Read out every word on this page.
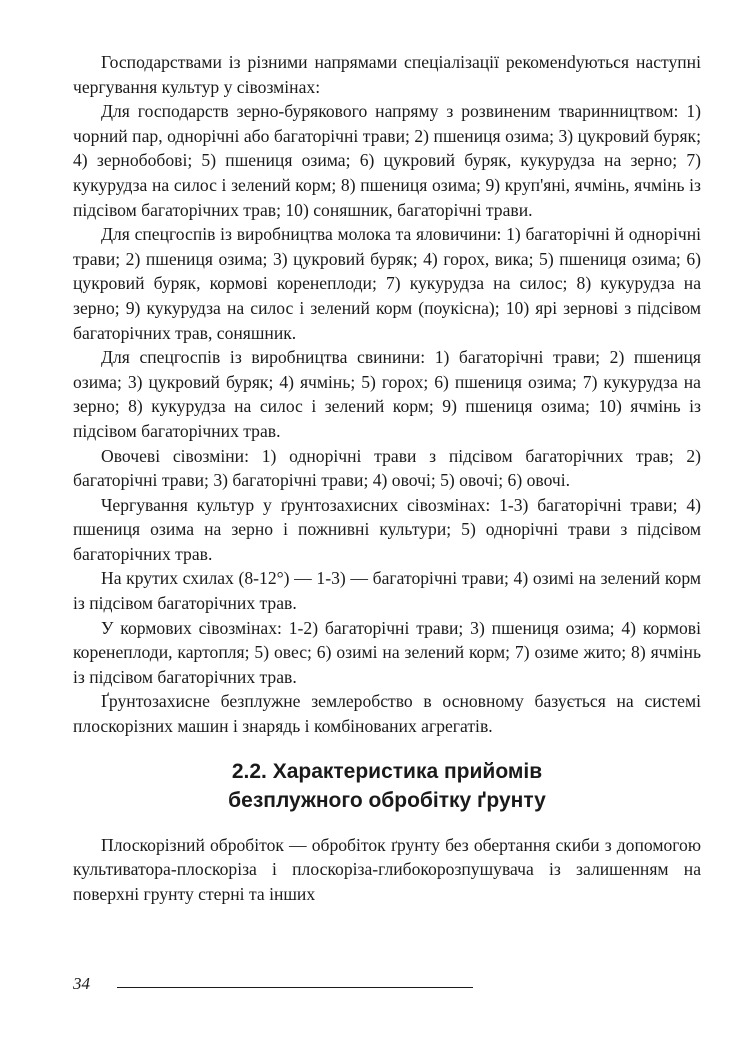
Господарствами із різними напрямами спеціалізації рекоменdуються наступні чергування культур у сівозмінах:

Для господарств зерно-бурякового напряму з розвиненим тваринництвом: 1) чорний пар, однорічні або багаторічні трави; 2) пшениця озима; 3) цукровий буряк; 4) зернобобові; 5) пшениця озима; 6) цукровий буряк, кукурудза на зерно; 7) кукурудза на силос і зелений корм; 8) пшениця озима; 9) круп'яні, ячмінь, ячмінь із підсівом багаторічних трав; 10) соняшник, багаторічні трави.

Для спецгоспів із виробництва молока та яловичини: 1) багаторічні й однорічні трави; 2) пшениця озима; 3) цукровий буряк; 4) горох, вика; 5) пшениця озима; 6) цукровий буряк, кормові коренеплоди; 7) кукурудза на силос; 8) кукурудза на зерно; 9) кукурудза на силос і зелений корм (поукісна); 10) ярі зернові з підсівом багаторічних трав, соняшник.

Для спецгоспів із виробництва свинини: 1) багаторічні трави; 2) пшениця озима; 3) цукровий буряк; 4) ячмінь; 5) горох; 6) пшениця озима; 7) кукурудза на зерно; 8) кукурудза на силос і зелений корм; 9) пшениця озима; 10) ячмінь із підсівом багаторічних трав.

Овочеві сівозміни: 1) однорічні трави з підсівом багаторічних трав; 2) багаторічні трави; 3) багаторічні трави; 4) овочі; 5) овочі; 6) овочі.

Чергування культур у ґрунтозахисних сівозмінах: 1-3) багаторічні трави; 4) пшениця озима на зерно і пожнивні культури; 5) однорічні трави з підсівом багаторічних трав.

На крутих схилах (8-12°) — 1-3) — багаторічні трави; 4) озимі на зелений корм із підсівом багаторічних трав.

У кормових сівозмінах: 1-2) багаторічні трави; 3) пшениця озима; 4) кормові коренеплоди, картопля; 5) овес; 6) озимі на зелений корм; 7) озиме жито; 8) ячмінь із підсівом багаторічних трав.

Ґрунтозахисне безплужне землеробство в основному базується на системі плоскорізних машин і знарядь і комбінованих агрегатів.

2.2. Характеристика прийомів
безплужного обробітку ґрунту

Плоскорізний обробіток — обробіток ґрунту без обертання скиби з допомогою культиватора-плоскоріза і плоскоріза-глибокорозпушувача із залишенням на поверхні грунту стерні та інших

34
